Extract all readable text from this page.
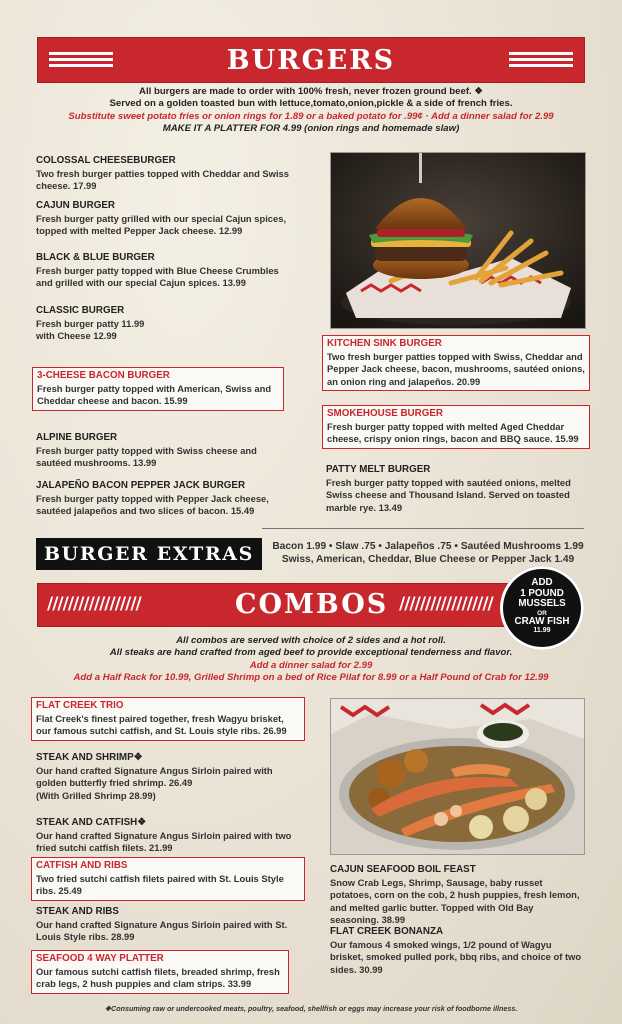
BURGERS
All burgers are made to order with 100% fresh, never frozen ground beef. ❖
Served on a golden toasted bun with lettuce,tomato,onion,pickle & a side of french fries.
Substitute sweet potato fries or onion rings for 1.89 or a baked potato for .99¢ · Add a dinner salad for 2.99
MAKE IT A PLATTER FOR 4.99 (onion rings and homemade slaw)
COLOSSAL CHEESEBURGER
Two fresh burger patties topped with Cheddar and Swiss cheese. 17.99
CAJUN BURGER
Fresh burger patty grilled with our special Cajun spices, topped with melted Pepper Jack cheese. 12.99
BLACK & BLUE BURGER
Fresh burger patty topped with Blue Cheese Crumbles and grilled with our special Cajun spices. 13.99
CLASSIC BURGER
Fresh burger patty 11.99
with Cheese 12.99
3-CHEESE BACON BURGER
Fresh burger patty topped with American, Swiss and Cheddar cheese and bacon. 15.99
ALPINE BURGER
Fresh burger patty topped with Swiss cheese and sautéed mushrooms. 13.99
JALAPEÑO BACON PEPPER JACK BURGER
Fresh burger patty topped with Pepper Jack cheese, sautéed jalapeños and two slices of bacon. 15.49
KITCHEN SINK BURGER
Two fresh burger patties topped with Swiss, Cheddar and Pepper Jack cheese, bacon, mushrooms, sautéed onions, an onion ring and jalapeños. 20.99
SMOKEHOUSE BURGER
Fresh burger patty topped with melted Aged Cheddar cheese, crispy onion rings, bacon and BBQ sauce. 15.99
PATTY MELT BURGER
Fresh burger patty topped with sautéed onions, melted Swiss cheese and Thousand Island. Served on toasted marble rye. 13.49
BURGER EXTRAS	Bacon 1.99 • Slaw .75 • Jalapeños .75 • Sautéed Mushrooms 1.99
Swiss, American, Cheddar, Blue Cheese or Pepper Jack 1.49
//////////////////	COMBOS //////////////////
ADD
1 POUND
MUSSELS
OR
CRAW FISH
11.99
All combos are served with choice of 2 sides and a hot roll.
All steaks are hand crafted from aged beef to provide exceptional tenderness and flavor.
Add a dinner salad for 2.99
Add a Half Rack for 10.99, Grilled Shrimp on a bed of Rice Pilaf for 8.99 or a Half Pound of Crab for 12.99
FLAT CREEK TRIO
Flat Creek's finest paired together, fresh Wagyu brisket, our famous sutchi catfish, and St. Louis style ribs. 26.99
STEAK AND SHRIMP❖
Our hand crafted Signature Angus Sirloin paired with golden butterfly fried shrimp. 26.49
(With Grilled Shrimp 28.99)
STEAK AND CATFISH❖
Our hand crafted Signature Angus Sirloin paired with two fried sutchi catfish filets. 21.99
CATFISH AND RIBS
Two fried sutchi catfish filets paired with St. Louis Style ribs. 25.49
STEAK AND RIBS
Our hand crafted Signature Angus Sirloin paired with St. Louis Style ribs. 28.99
SEAFOOD 4 WAY PLATTER
Our famous sutchi catfish filets, breaded shrimp, fresh crab legs, 2 hush puppies and clam strips. 33.99
CAJUN SEAFOOD BOIL FEAST
Snow Crab Legs, Shrimp, Sausage, baby russet potatoes, corn on the cob, 2 hush puppies, fresh lemon, and melted garlic butter. Topped with Old Bay seasoning. 38.99
FLAT CREEK BONANZA
Our famous 4 smoked wings, 1/2 pound of Wagyu brisket, smoked pulled pork, bbq ribs, and choice of two sides. 30.99
❖Consuming raw or undercooked meats, poultry, seafood, shellfish or eggs may increase your risk of foodborne illness.
